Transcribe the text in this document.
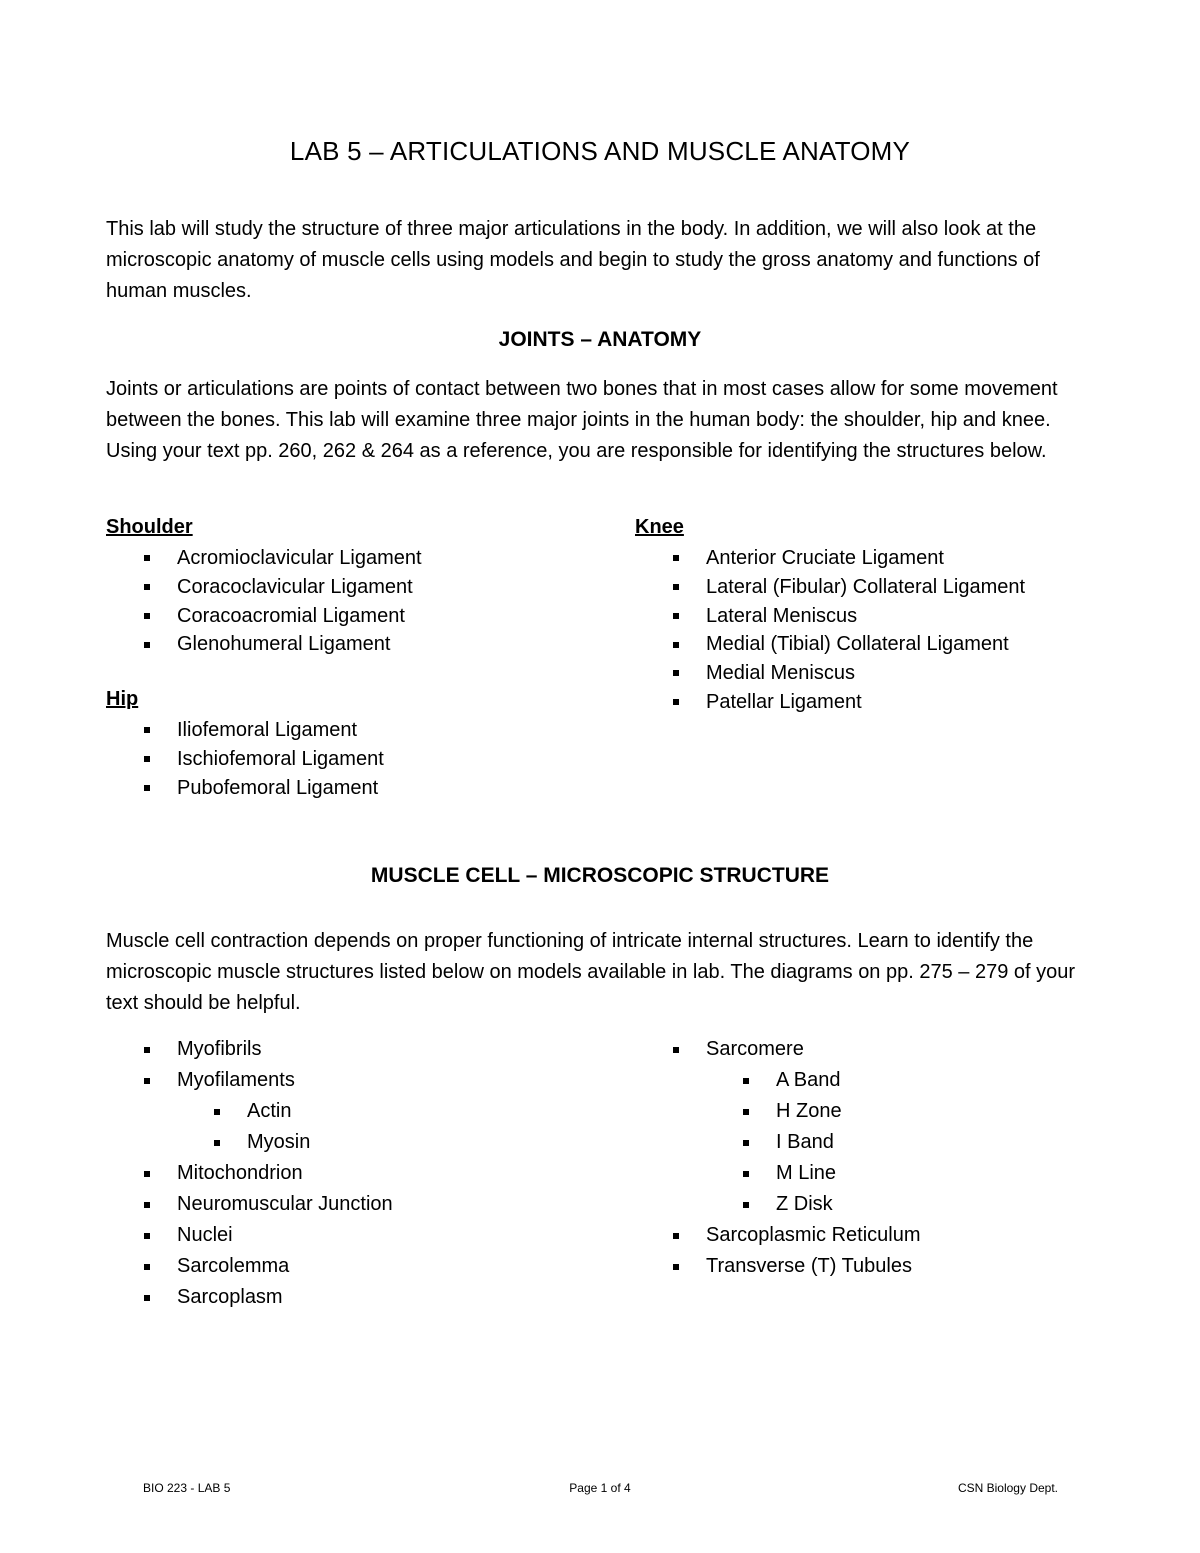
LAB 5 – ARTICULATIONS AND MUSCLE ANATOMY

This lab will study the structure of three major articulations in the body. In addition, we will also look at the microscopic anatomy of muscle cells using models and begin to study the gross anatomy and functions of human muscles.

JOINTS – ANATOMY

Joints or articulations are points of contact between two bones that in most cases allow for some movement between the bones. This lab will examine three major joints in the human body: the shoulder, hip and knee. Using your text pp. 260, 262 & 264 as a reference, you are responsible for identifying the structures below.

Shoulder
Acromioclavicular Ligament
Coracoclavicular Ligament
Coracoacromial Ligament
Glenohumeral Ligament
Hip
Iliofemoral Ligament
Ischiofemoral Ligament
Pubofemoral Ligament
Knee
Anterior Cruciate Ligament
Lateral (Fibular) Collateral Ligament
Lateral Meniscus
Medial (Tibial) Collateral Ligament
Medial Meniscus
Patellar Ligament
MUSCLE CELL – MICROSCOPIC STRUCTURE

Muscle cell contraction depends on proper functioning of intricate internal structures. Learn to identify the microscopic muscle structures listed below on models available in lab. The diagrams on pp. 275 – 279 of your text should be helpful.

Myofibrils
Myofilaments
Actin
Myosin
Mitochondrion
Neuromuscular Junction
Nuclei
Sarcolemma
Sarcoplasm
Sarcomere
A Band
H Zone
I Band
M Line
Z Disk
Sarcoplasmic Reticulum
Transverse (T) Tubules
BIO 223 - LAB 5	Page 1 of 4	CSN Biology Dept.
